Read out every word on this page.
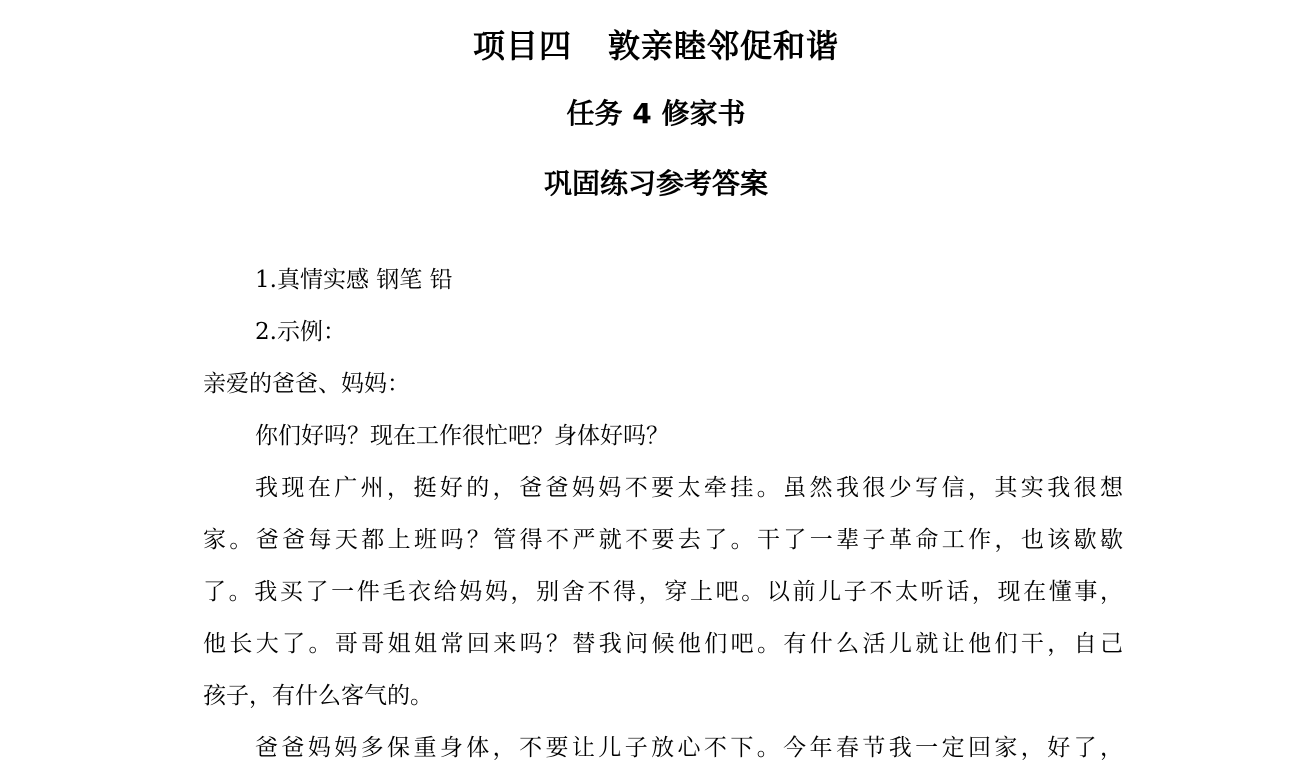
项目四 敦亲睦邻促和谐
任务 4 修家书
巩固练习参考答案
1.真情实感 钢笔 铅
2.示例：
亲爱的爸爸、妈妈：
你们好吗？现在工作很忙吧？身体好吗？
我现在广州，挺好的，爸爸妈妈不要太牵挂。虽然我很少写信，其实我很想
家。爸爸每天都上班吗？管得不严就不要去了。干了一辈子革命工作，也该歇歇
了。我买了一件毛衣给妈妈，别舍不得，穿上吧。以前儿子不太听话，现在懂事，
他长大了。哥哥姐姐常回来吗？替我问候他们吧。有什么活儿就让他们干，自己
孩子，有什么客气的。
爸爸妈妈多保重身体，不要让儿子放心不下。今年春节我一定回家，好了，
